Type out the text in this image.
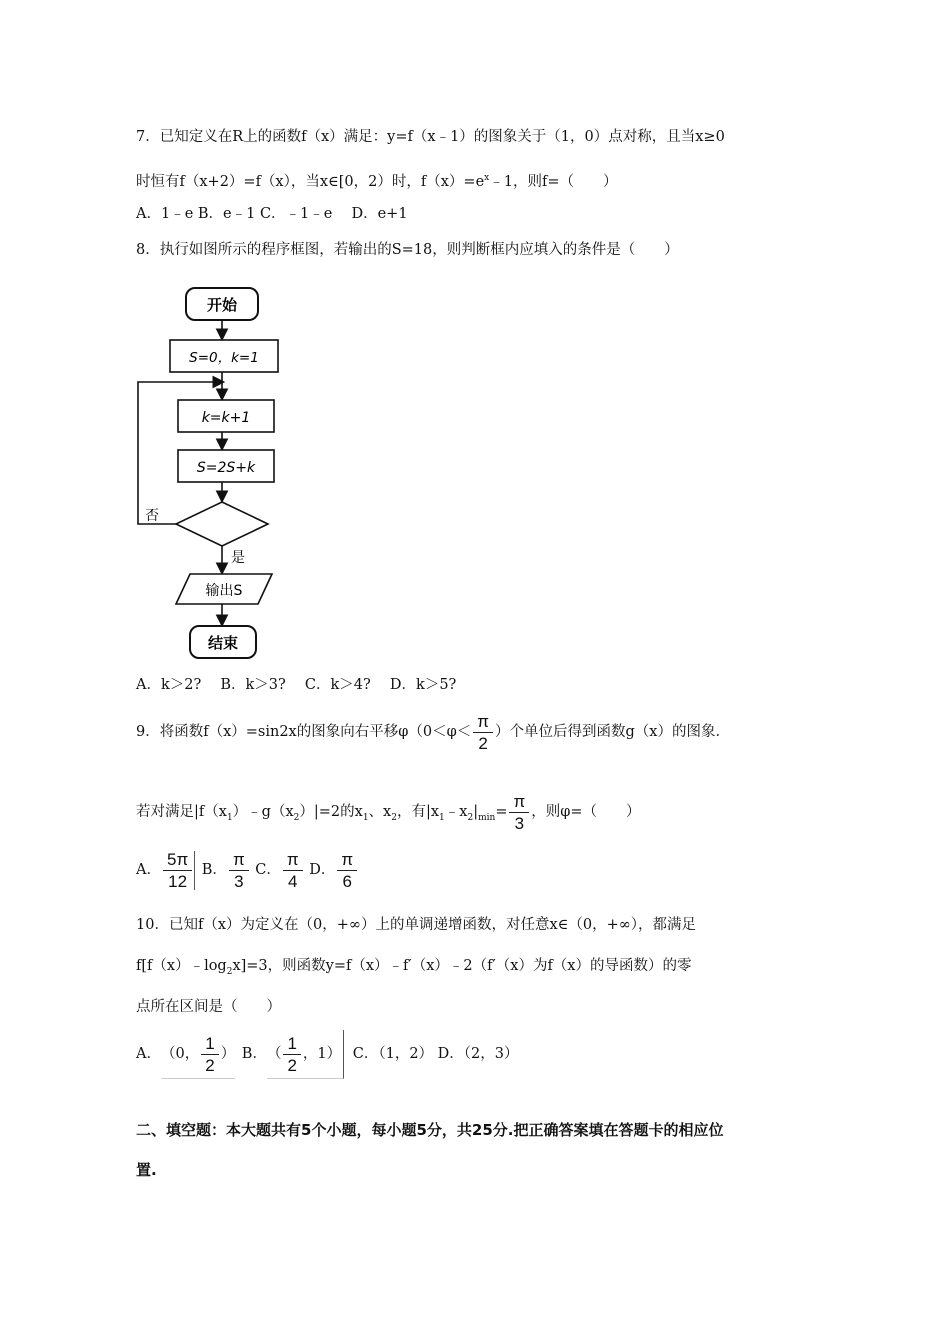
7．已知定义在R上的函数f（x）满足：y=f（x﹣1）的图象关于（1，0）点对称，且当x≥0
时恒有f（x+2）=f（x），当x∈[0，2）时，$f(x)=e^x﹣1$，则f=（　　）
A．1﹣e B．e﹣1 C．﹣1﹣e　 D．e+1
8．执行如图所示的程序框图，若输出的S=18，则判断框内应填入的条件是（　　）
开始
S=0，k=1
k=k+1
S=2S+k
否
是
输出S
结束
A．k＞2?　 B．k＞3?　 C．k＞4?　 D．k＞5?
9．将函数f（x）=sin2x的图象向右平移$\varphi(0<\varphi< \frac{\pi}{2}$ ）个单位后得到函数g（x）的图象．
若对满足$|f(x_1)﹣g(x_2)|=2$的$x_1$、$x_2$，有$|x_1﹣x_2|_{min}= \frac{\pi}{3}$ ，则φ=（　　）
A． $\frac{5\pi}{12}$ B． $\frac{\pi}{3}$ C． $\frac{\pi}{4}$ D． $\frac{\pi}{6}$
10．已知f（x）为定义在（0，+∞）上的单调递增函数，对任意x∈（0，+∞），都满足
$f[f(x)﹣\log_2x]=3$，则函数y=f（x）﹣f′（x）﹣2（f′（x）为f（x）的导函数）的零
点所在区间是（　　）
A．（0， $\frac{1}{2}$ ） B．（ $\frac{1}{2}$ ，1） C．（1，2） D．（2，3）
二、填空题：本大题共有5个小题，每小题5分，共25分.把正确答案填在答题卡的相应位
置.
